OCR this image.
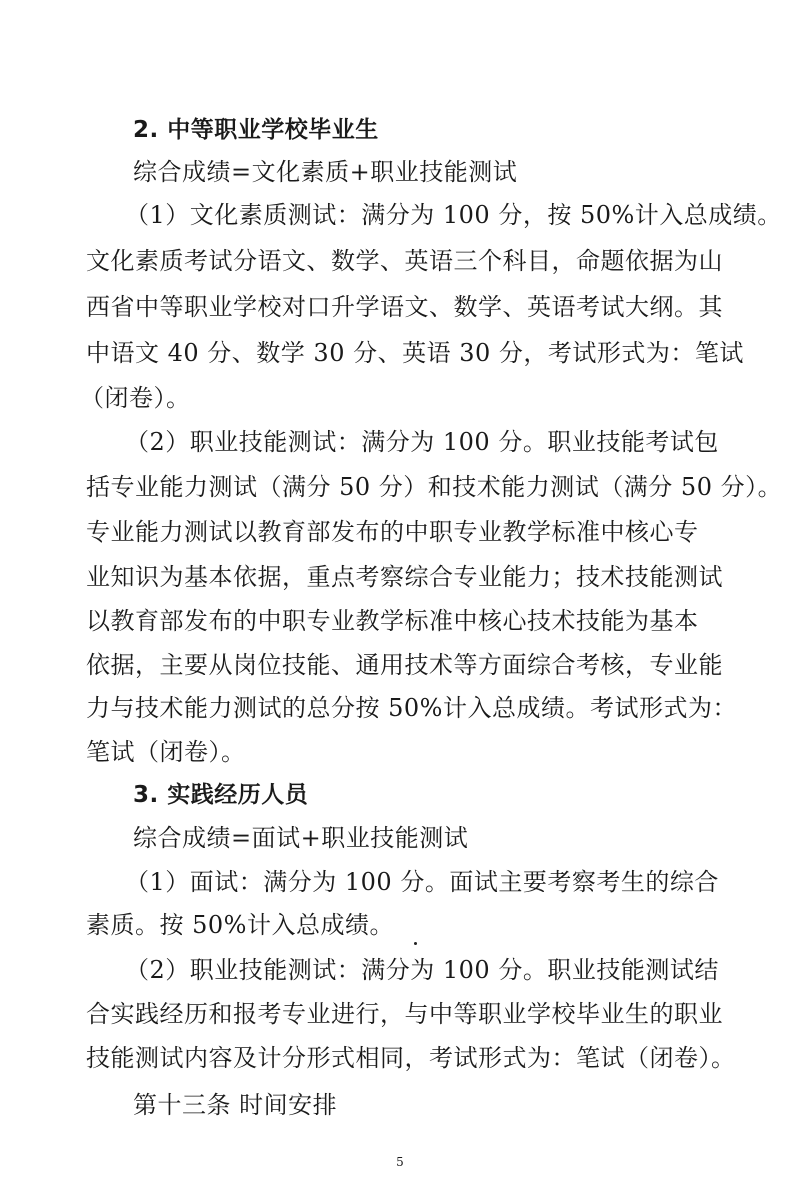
2. 中等职业学校毕业生
综合成绩=文化素质+职业技能测试
（1）文化素质测试：满分为 100 分，按 50%计入总成绩。
文化素质考试分语文、数学、英语三个科目，命题依据为山
西省中等职业学校对口升学语文、数学、英语考试大纲。其
中语文 40 分、数学 30 分、英语 30 分，考试形式为：笔试
（闭卷）。
（2）职业技能测试：满分为 100 分。职业技能考试包
括专业能力测试（满分 50 分）和技术能力测试（满分 50 分）。
专业能力测试以教育部发布的中职专业教学标准中核心专
业知识为基本依据，重点考察综合专业能力；技术技能测试
以教育部发布的中职专业教学标准中核心技术技能为基本
依据，主要从岗位技能、通用技术等方面综合考核，专业能
力与技术能力测试的总分按 50%计入总成绩。考试形式为：
笔试（闭卷）。
3. 实践经历人员
综合成绩=面试+职业技能测试
（1）面试：满分为 100 分。面试主要考察考生的综合
素质。按 50%计入总成绩。
（2）职业技能测试：满分为 100 分。职业技能测试结
合实践经历和报考专业进行，与中等职业学校毕业生的职业
技能测试内容及计分形式相同，考试形式为：笔试（闭卷）。
第十三条 时间安排
5
